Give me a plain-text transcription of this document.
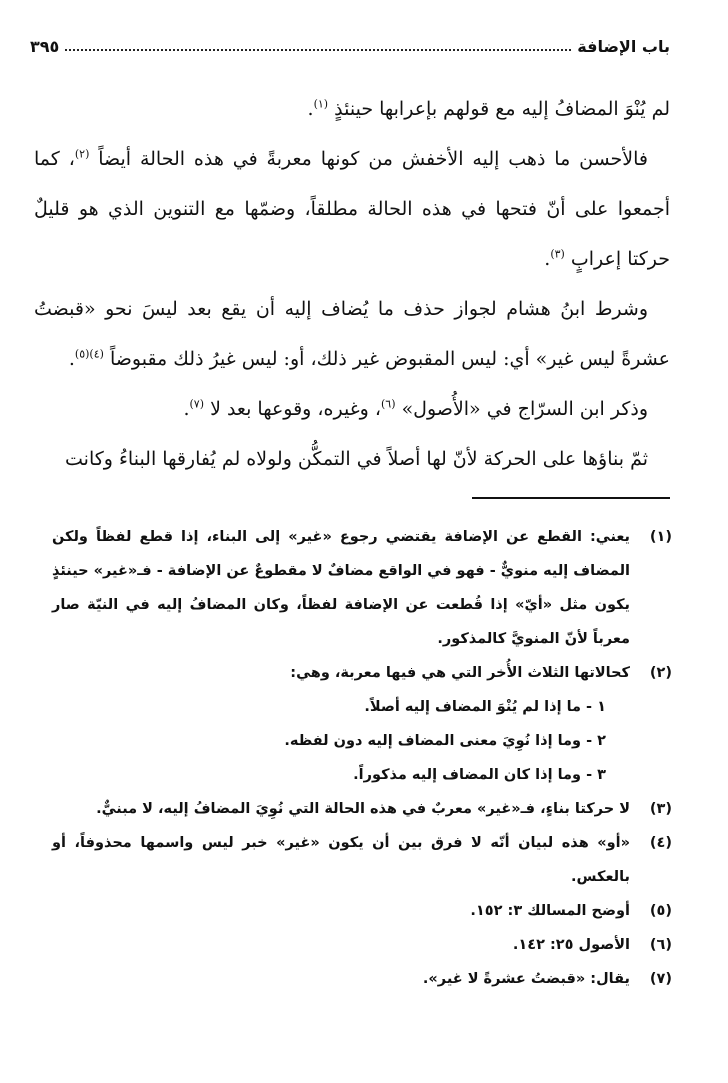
باب الإضافة
٣٩٥

لم يُنْوَ المضافُ إليه مع قولهم بإعرابها حينئذٍ $^{(١)}$.

فالأحسن ما ذهب إليه الأخفش من كونها معربةً في هذه الحالة أيضاً $^{(٢)}$، كما أجمعوا على أنّ فتحها في هذه الحالة مطلقاً، وضمّها مع التنوين الذي هو قليلٌ حركتا إعرابٍ $^{(٣)}$.

وشرط ابنُ هشام لجواز حذف ما يُضاف إليه أن يقع بعد ليسَ نحو «قبضتُ عشرةً ليس غير» أي: ليس المقبوض غير ذلك، أو: ليس غيرُ ذلك مقبوضاً $^{(٤)(٥)}$.

وذكر ابن السرّاج في «الأُصول» $^{(٦)}$، وغيره، وقوعها بعد لا $^{(٧)}$.

ثمّ بناؤها على الحركة لأنّ لها أصلاً في التمكُّن ولولاه لم يُفارقها البناءُ وكانت

(١)
يعني: القطع عن الإضافة يقتضي رجوع «غير» إلى البناء، إذا قطع لفظاً ولكن المضاف إليه منويٌّ - فهو في الواقع مضافٌ لا مقطوعٌ عن الإضافة - فـ«غير» حينئذٍ يكون مثل «أيّ» إذا قُطعت عن الإضافة لفظاً، وكان المضافُ إليه في النيّة صار معرباً لأنّ المنويَّ كالمذكور.
(٢)
كحالاتها الثلاث الأُخر التي هي فيها معربة، وهي:
١ - ما إذا لم يُنْوَ المضاف إليه أصلاً.
٢ - وما إذا نُوِيَ معنى المضاف إليه دون لفظه.
٣ - وما إذا كان المضاف إليه مذكوراً.
(٣)
لا حركتا بناءٍ، فـ«غير» معربٌ في هذه الحالة التي نُوِيَ المضافُ إليه، لا مبنيٌّ.
(٤)
«أو» هذه لبيان أنّه لا فرق بين أن يكون «غير» خبر ليس واسمها محذوفاً، أو بالعكس.
(٥)
أوضح المسالك ٣: ١٥٢.
(٦)
الأصول ٢٥: ١٤٢.
(٧)
يقال: «قبضتُ عشرةً لا غير».
